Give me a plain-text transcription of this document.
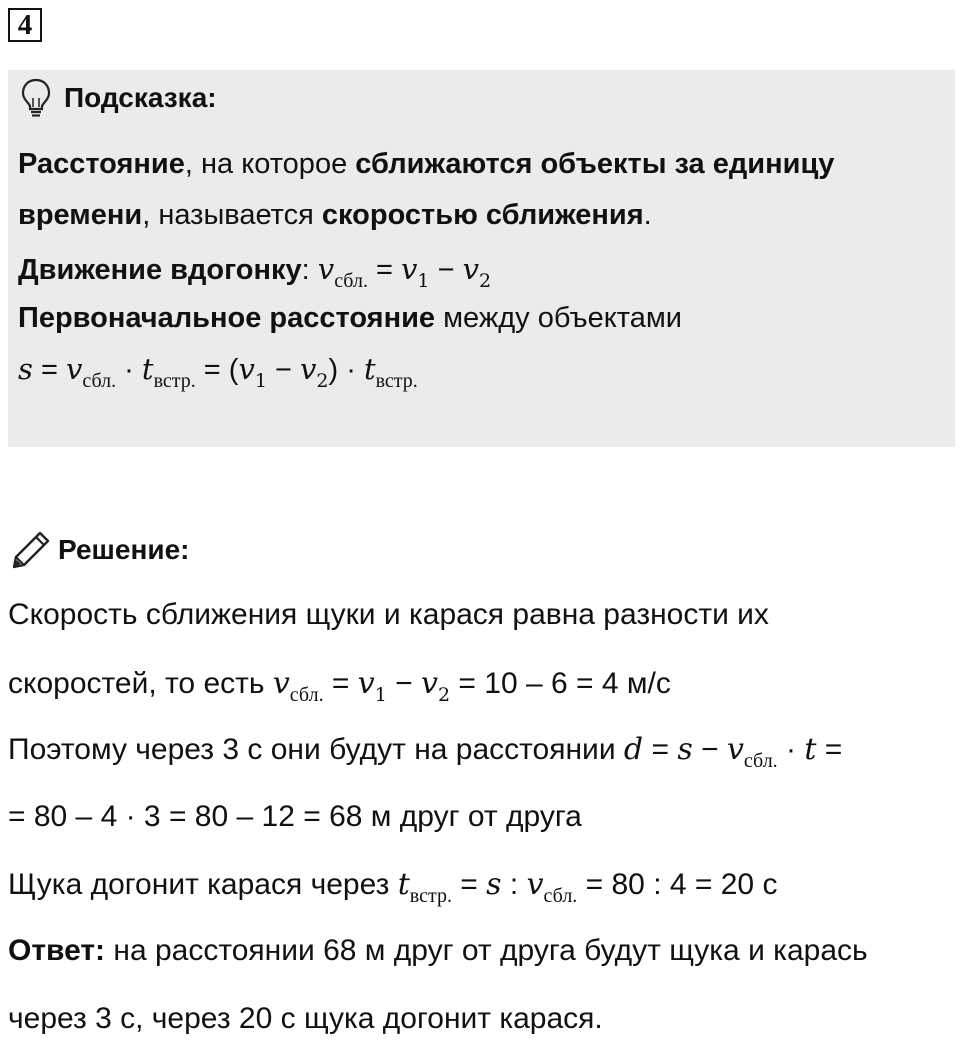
4
Подсказка:
Расстояние, на которое сближаются объекты за единицу
времени, называется скоростью сближения.
Движение вдогонку: $v_{сбл.} = v_1 - v_2$
Первоначальное расстояние между объектами
$s = v_{сбл.} \cdot t_{встр.} = (v_1 - v_2) \cdot t_{встр.}$
Решение:
Скорость сближения щуки и карася равна разности их
скоростей, то есть $v_{сбл.} = v_1 - v_2 = 10 - 6 = 4$ м/с
Поэтому через 3 с они будут на расстоянии $d = s - v_{сбл.} \cdot t$ =
= 80 – 4 · 3 = 80 – 12 = 68 м друг от друга
Щука догонит карася через $t_{встр.} = s$ : $v_{сбл.} = 80$ : 4 = 20 с
Ответ: на расстоянии 68 м друг от друга будут щука и карась
через 3 с, через 20 с щука догонит карася.
